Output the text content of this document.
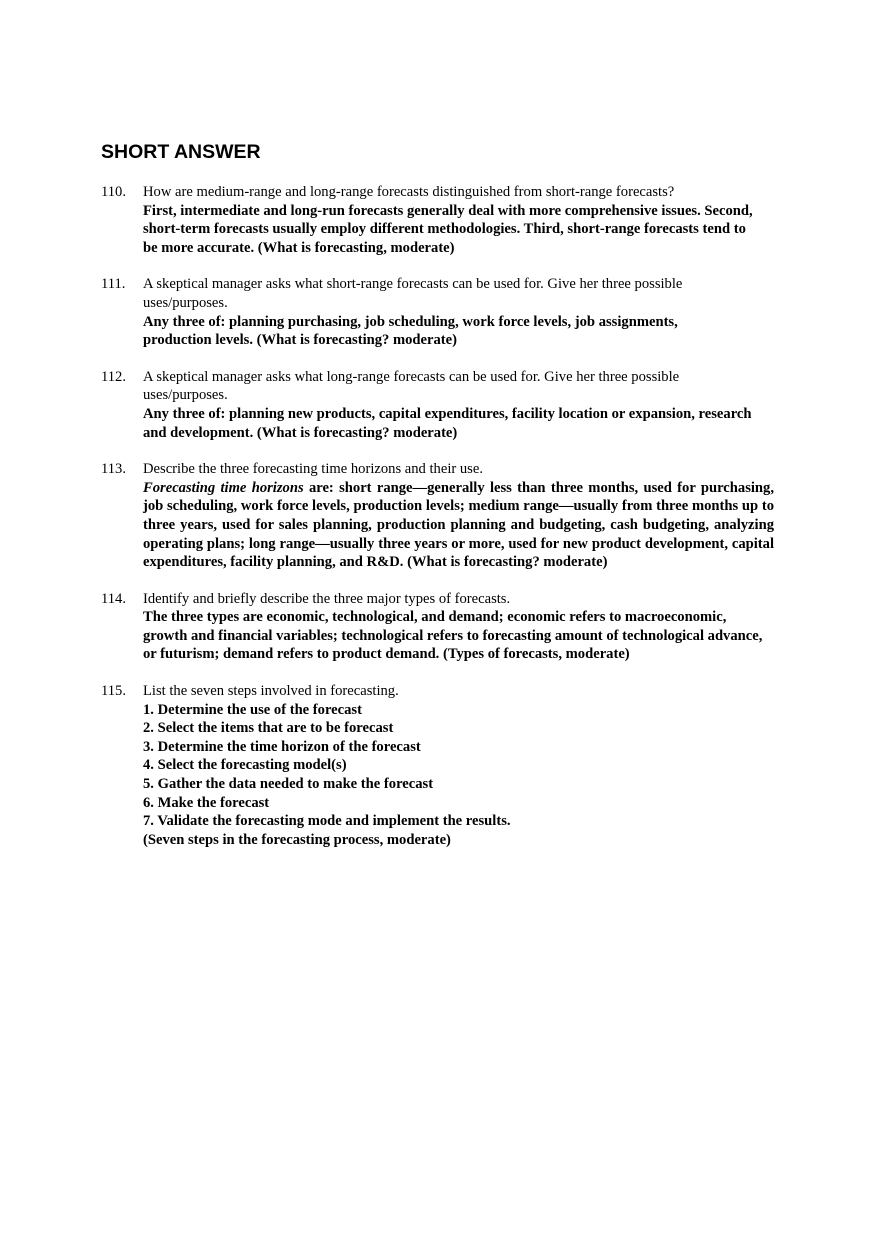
SHORT ANSWER
110. How are medium-range and long-range forecasts distinguished from short-range forecasts?
First, intermediate and long-run forecasts generally deal with more comprehensive issues. Second, short-term forecasts usually employ different methodologies. Third, short-range forecasts tend to be more accurate. (What is forecasting, moderate)
111. A skeptical manager asks what short-range forecasts can be used for. Give her three possible uses/purposes.
Any three of: planning purchasing, job scheduling, work force levels, job assignments, production levels. (What is forecasting? moderate)
112. A skeptical manager asks what long-range forecasts can be used for. Give her three possible uses/purposes.
Any three of: planning new products, capital expenditures, facility location or expansion, research and development. (What is forecasting? moderate)
113. Describe the three forecasting time horizons and their use.
Forecasting time horizons are: short range—generally less than three months, used for purchasing, job scheduling, work force levels, production levels; medium range—usually from three months up to three years, used for sales planning, production planning and budgeting, cash budgeting, analyzing operating plans; long range—usually three years or more, used for new product development, capital expenditures, facility planning, and R&D. (What is forecasting? moderate)
114. Identify and briefly describe the three major types of forecasts.
The three types are economic, technological, and demand; economic refers to macroeconomic, growth and financial variables; technological refers to forecasting amount of technological advance, or futurism; demand refers to product demand. (Types of forecasts, moderate)
115. List the seven steps involved in forecasting.
1. Determine the use of the forecast
2. Select the items that are to be forecast
3. Determine the time horizon of the forecast
4. Select the forecasting model(s)
5. Gather the data needed to make the forecast
6. Make the forecast
7. Validate the forecasting mode and implement the results.
(Seven steps in the forecasting process, moderate)
